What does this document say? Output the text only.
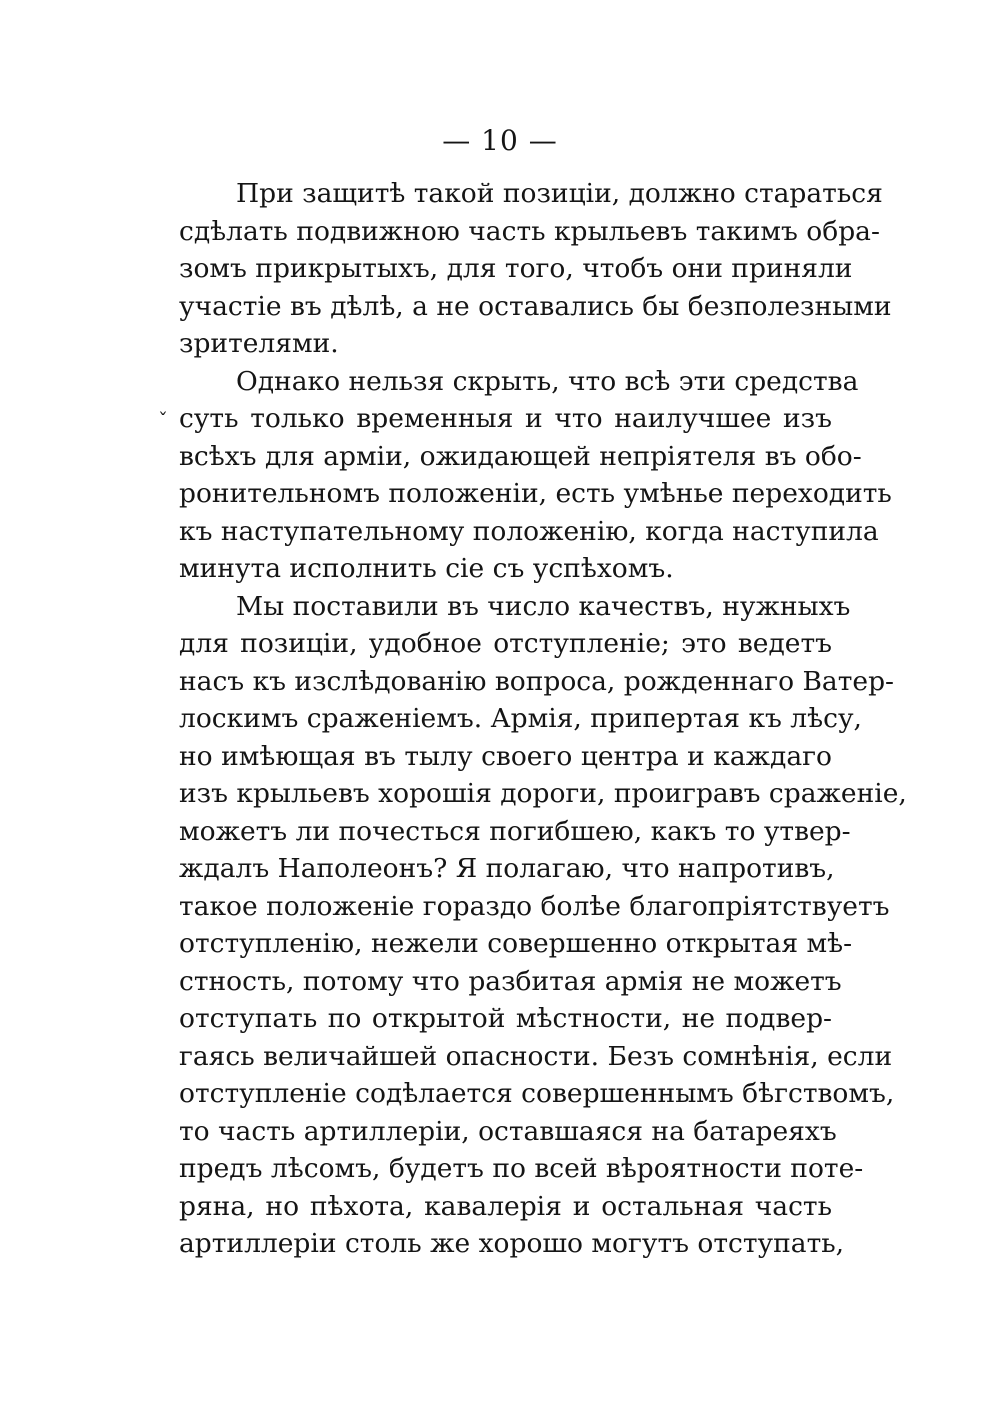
— 10 —
ˇ
При защитѣ такой позиціи, должно стараться
сдѣлать подвижною часть крыльевъ такимъ обра-
зомъ прикрытыхъ, для того, чтобъ они приняли
участіе въ дѣлѣ, а не оставались бы безполезными
зрителями.
Однако нельзя скрыть, что всѣ эти средства
суть только временныя и что наилучшее изъ
всѣхъ для арміи, ожидающей непріятеля въ обо-
ронительномъ положеніи, есть умѣнье переходить
къ наступательному положенію, когда наступила
минута исполнить сіе съ успѣхомъ.
Мы поставили въ число качествъ, нужныхъ
для позиціи, удобное отступленіе; это ведетъ
насъ къ изслѣдованію вопроса, рожденнаго Ватер-
лоскимъ сраженіемъ. Армія, припертая къ лѣсу,
но имѣющая въ тылу своего центра и каждаго
изъ крыльевъ хорошія дороги, проигравъ сраженіе,
можетъ ли почесться погибшею, какъ то утвер-
ждалъ Наполеонъ? Я полагаю, что напротивъ,
такое положеніе гораздо болѣе благопріятствуетъ
отступленію, нежели совершенно открытая мѣ-
стность, потому что разбитая армія не можетъ
отступать по открытой мѣстности, не подвер-
гаясь величайшей опасности. Безъ сомнѣнія, если
отступленіе содѣлается совершеннымъ бѣгствомъ,
то часть артиллеріи, оставшаяся на батареяхъ
предъ лѣсомъ, будетъ по всей вѣроятности поте-
ряна, но пѣхота, кавалерія и остальная часть
артиллеріи столь же хорошо могутъ отступать,
